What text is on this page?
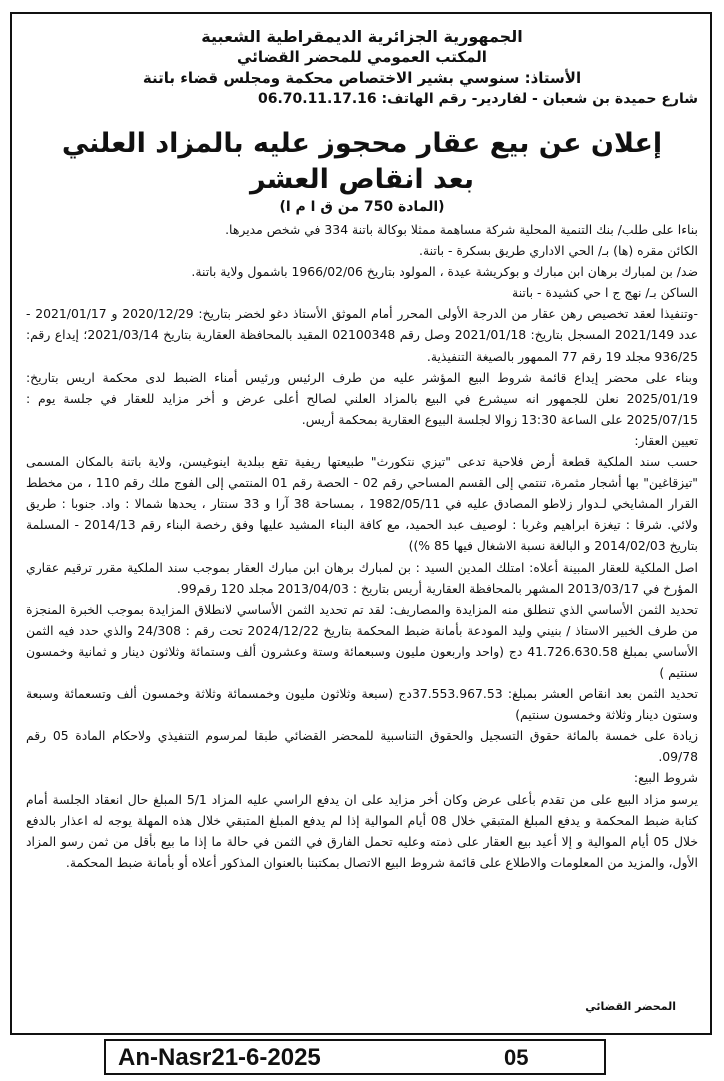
الجمهورية الجزائرية الديمقراطية الشعبية
المكتب العمومي للمحضر القضائي
الأستاذ: سنوسي بشير الاختصاص محكمة ومجلس قضاء باتنة
شارع حميدة بن شعبان - لفاردير- رقم الهاتف: 06.70.11.17.16
إعلان عن بيع عقار محجوز عليه بالمزاد العلني
بعد انقاص العشر
(المادة 750 من ق ا م ا)

بناءا على طلب/ بنك التنمية المحلية شركة مساهمة ممثلا بوكالة باتنة 334 في شخص مديرها.

الكائن مقره (ها) بـ/ الحي الاداري طريق بسكرة - باتنة.

ضد/ بن لمبارك برهان ابن مبارك و بوكريشة عيدة ، المولود بتاريخ 1966/02/06 باشمول ولاية باتنة.

الساكن بـ/ نهج ج ا حي كشيدة - باتنة

-وتنفيذا لعقد تخصيص رهن عقار من الدرجة الأولى المحرر أمام الموثق الأستاذ دغو لخضر بتاريخ: 2020/12/29 و 2021/01/17 - عدد 2021/149 المسجل بتاريخ: 2021/01/18 وصل رقم 02100348 المقيد بالمحافظة العقارية بتاريخ 2021/03/14؛ إيداع رقم: 936/25 مجلد 19 رقم 77 الممهور بالصيغة التنفيذية.

وبناء على محضر إيداع قائمة شروط البيع المؤشر عليه من طرف الرئيس ورئيس أمناء الضبط لدى محكمة اريس بتاريخ: 2025/01/19 نعلن للجمهور انه سيشرع في البيع بالمزاد العلني لصالح أعلى عرض و أخر مزايد للعقار في جلسة يوم : 2025/07/15 على الساعة 13:30 زوالا لجلسة البيوع العقارية بمحكمة أريس.

تعيين العقار:

حسب سند الملكية قطعة أرض فلاحية تدعى "تيزي نتكورث" طبيعتها ريفية تقع ببلدية اينوغيسن، ولاية باتنة بالمكان المسمى "تيزقاغين" بها أشجار مثمرة، تنتمي إلى القسم المساحي رقم 02 - الحصة رقم 01 المنتمي إلى الفوج ملك رقم 110 ، من مخطط القرار المشايخي لـدوار زلاطو المصادق عليه في 1982/05/11 ، بمساحة 38 آرا و 33 سنتار ، يحدها شمالا : واد. جنوبا : طريق ولائي. شرقا : تيغزة ابراهيم وغربا : لوصيف عبد الحميد، مع كافة البناء المشيد عليها وفق رخصة البناء رقم 2014/13 - المسلمة بتاريخ 2014/02/03 و البالغة نسبة الاشغال فيها 85 %))

اصل الملكية للعقار المبينة أعلاه: امتلك المدين السيد : بن لمبارك برهان ابن مبارك العقار بموجب سند الملكية مقرر ترقيم عقاري المؤرخ في 2013/03/17 المشهر بالمحافظة العقارية أريس بتاريخ : 2013/04/03 مجلد 120 رقم99.

تحديد الثمن الأساسي الذي تنطلق منه المزايدة والمصاريف: لقد تم تحديد الثمن الأساسي لانطلاق المزايدة بموجب الخبرة المنجزة من طرف الخبير الاستاذ / بنيني وليد المودعة بأمانة ضبط المحكمة بتاريخ 2024/12/22 تحت رقم : 24/308 والذي حدد فيه الثمن الأساسي بمبلغ 41.726.630.58 دج (واحد واربعون مليون وسبعمائة وستة وعشرون ألف وستمائة وثلاثون دينار و ثمانية وخمسون سنتيم )

تحديد الثمن بعد انقاص العشر بمبلغ: 37.553.967.53دج (سبعة وثلاثون مليون وخمسمائة وثلاثة وخمسون ألف وتسعمائة وسبعة وستون دينار وثلاثة وخمسون سنتيم)

زيادة على خمسة بالمائة حقوق التسجيل والحقوق التناسبية للمحضر القضائي طبقا لمرسوم التنفيذي ولاحكام المادة 05 رقم 09/78.

شروط البيع:

يرسو مزاد البيع على من تقدم بأعلى عرض وكان أخر مزايد على ان يدفع الراسي عليه المزاد 5/1 المبلغ حال انعقاد الجلسة أمام كتابة ضبط المحكمة و يدفع المبلغ المتبقي خلال 08 أيام الموالية إذا لم يدفع المبلغ المتبقي خلال هذه المهلة يوجه له اعذار بالدفع خلال 05 أيام الموالية و إلا أعيد بيع العقار على ذمته وعليه تحمل الفارق في الثمن في حالة ما إذا ما بيع بأقل من ثمن رسو المزاد الأول، والمزيد من المعلومات والاطلاع على قائمة شروط البيع الاتصال بمكتبنا بالعنوان المذكور أعلاه أو بأمانة ضبط المحكمة.

المحضر القضائي
An-Nasr21-6-2025	05
